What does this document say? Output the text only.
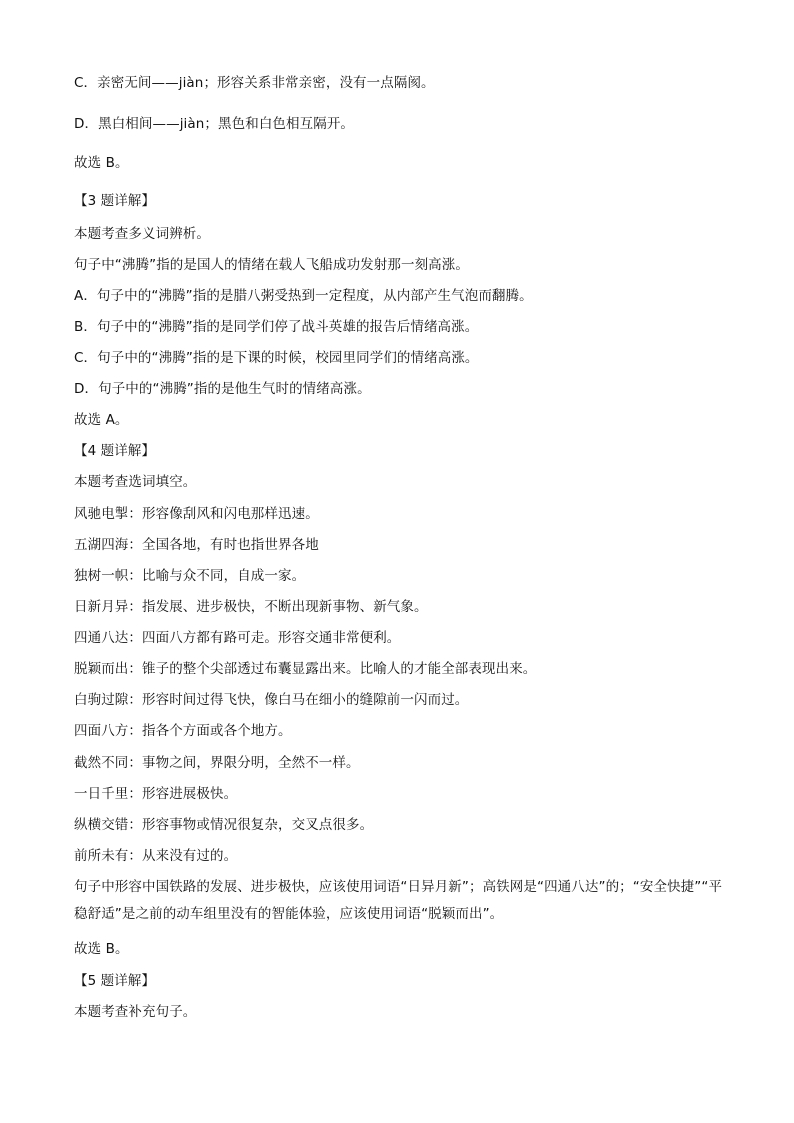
C．亲密无间——jiàn；形容关系非常亲密，没有一点隔阂。
D．黑白相间——jiàn；黑色和白色相互隔开。
故选 B。
【3 题详解】
本题考查多义词辨析。
句子中“沸腾”指的是国人的情绪在载人飞船成功发射那一刻高涨。
A．句子中的“沸腾”指的是腊八粥受热到一定程度，从内部产生气泡而翻腾。
B．句子中的“沸腾”指的是同学们停了战斗英雄的报告后情绪高涨。
C．句子中的“沸腾”指的是下课的时候，校园里同学们的情绪高涨。
D．句子中的“沸腾”指的是他生气时的情绪高涨。
故选 A。
【4 题详解】
本题考查选词填空。
风驰电掣：形容像刮风和闪电那样迅速。
五湖四海：全国各地，有时也指世界各地
独树一帜：比喻与众不同，自成一家。
日新月异：指发展、进步极快，不断出现新事物、新气象。
四通八达：四面八方都有路可走。形容交通非常便利。
脱颖而出：锥子的整个尖部透过布囊显露出来。比喻人的才能全部表现出来。
白驹过隙：形容时间过得飞快，像白马在细小的缝隙前一闪而过。
四面八方：指各个方面或各个地方。
截然不同：事物之间，界限分明，全然不一样。
一日千里：形容进展极快。
纵横交错：形容事物或情况很复杂，交叉点很多。
前所未有：从来没有过的。
句子中形容中国铁路的发展、进步极快，应该使用词语“日异月新”；高铁网是“四通八达”的；“安全快捷”“平稳舒适”是之前的动车组里没有的智能体验，应该使用词语“脱颖而出”。
故选 B。
【5 题详解】
本题考查补充句子。
